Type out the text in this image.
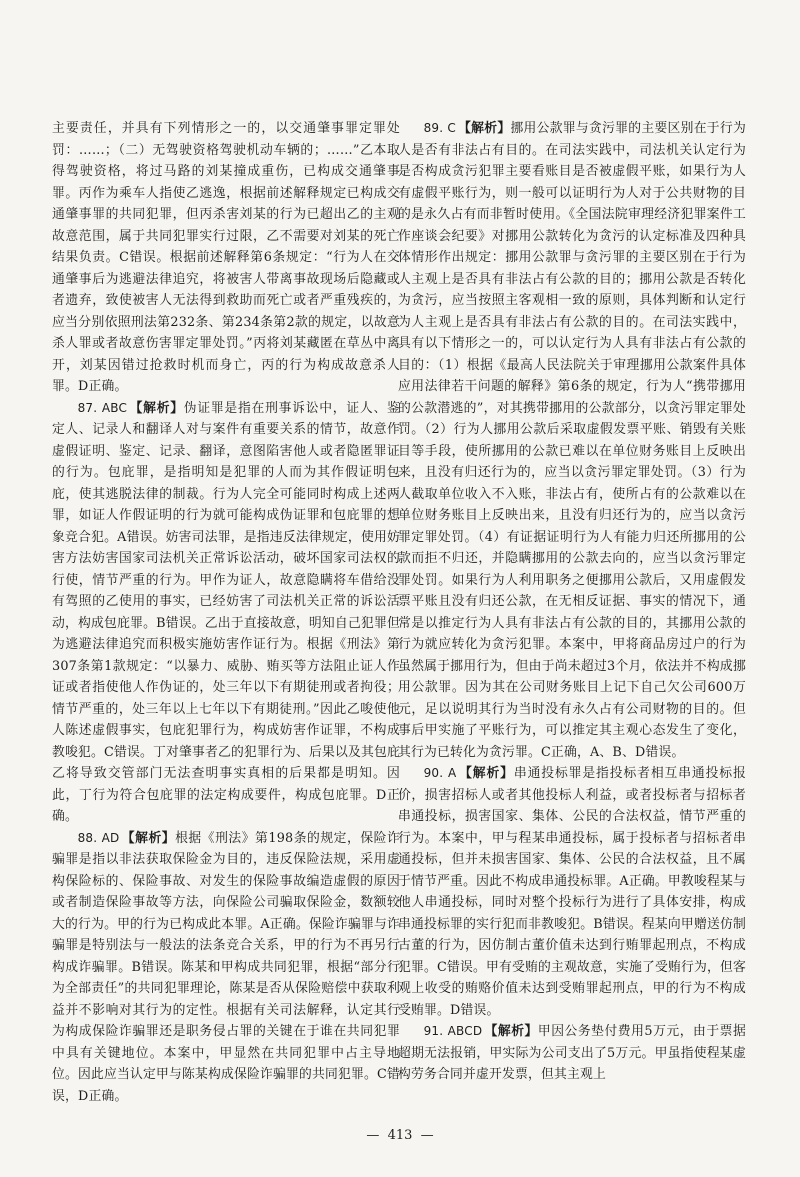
主要责任，并具有下列情形之一的，以交通肇事罪定罪处罚：……；（二）无驾驶资格驾驶机动车辆的；……”乙本取得驾驶资格，将过马路的刘某撞成重伤，已构成交通肇事罪。丙作为乘车人指使乙逃逸，根据前述解释规定已构成交通肇事罪的共同犯罪，但丙杀害刘某的行为已超出乙的主观故意范围，属于共同犯罪实行过限，乙不需要对刘某的死亡结果负责。C错误。根据前述解释第6条规定：“行为人在交通肇事后为逃避法律追究，将被害人带离事故现场后隐藏或者遗弃，致使被害人无法得到救助而死亡或者严重残疾的，应当分别依照刑法第232条、第234条第2款的规定，以故意杀人罪或者故意伤害罪定罪处罚。”丙将刘某藏匿在草丛中离开，刘某因错过抢救时机而身亡，丙的行为构成故意杀人罪。D正确。

87. ABC 【解析】伪证罪是指在刑事诉讼中，证人、鉴定人、记录人和翻译人对与案件有重要关系的情节，故意作虚假证明、鉴定、记录、翻译，意图陷害他人或者隐匿罪证的行为。包庇罪，是指明知是犯罪的人而为其作假证明包庇，使其逃脱法律的制裁。行为人完全可能同时构成上述两罪，如证人作假证明的行为就可能构成伪证罪和包庇罪的想象竞合犯。A错误。妨害司法罪，是指违反法律规定，使用妨害方法妨害国家司法机关正常诉讼活动，破坏国家司法权的行使，情节严重的行为。甲作为证人，故意隐瞒将车借给没有驾照的乙使用的事实，已经妨害了司法机关正常的诉讼活动，构成包庇罪。B错误。乙出于直接故意，明知自己犯罪但为逃避法律追究而积极实施妨害作证行为。根据《刑法》第307条第1款规定：“以暴力、威胁、贿买等方法阻止证人作证或者指使他人作伪证的，处三年以下有期徒刑或者拘役；情节严重的，处三年以上七年以下有期徒刑。”因此乙唆使他人陈述虚假事实，包庇犯罪行为，构成妨害作证罪，不构成教唆犯。C错误。丁对肇事者乙的犯罪行为、后果以及其包庇乙将导致交管部门无法查明事实真相的后果都是明知。因此，丁行为符合包庇罪的法定构成要件，构成包庇罪。D正确。

88. AD 【解析】根据《刑法》第198条的规定，保险诈骗罪是指以非法获取保险金为目的，违反保险法规，采用虚构保险标的、保险事故、对发生的保险事故编造虚假的原因或者制造保险事故等方法，向保险公司骗取保险金，数额较大的行为。甲的行为已构成此本罪。A正确。保险诈骗罪与诈骗罪是特别法与一般法的法条竞合关系，甲的行为不再另行构成诈骗罪。B错误。陈某和甲构成共同犯罪，根据“部分行为全部责任”的共同犯罪理论，陈某是否从保险赔偿中获取利益并不影响对其行为的定性。根据有关司法解释，认定其行为构成保险诈骗罪还是职务侵占罪的关键在于谁在共同犯罪中具有关键地位。本案中，甲显然在共同犯罪中占主导地位。因此应当认定甲与陈某构成保险诈骗罪的共同犯罪。C错误，D正确。

89. C 【解析】挪用公款罪与贪污罪的主要区别在于行为人是否有非法占有目的。在司法实践中，司法机关认定行为是否构成贪污犯罪主要看账目是否被虚假平账，如果行为人有虚假平账行为，则一般可以证明行为人对于公共财物的目的是永久占有而非暂时使用。《全国法院审理经济犯罪案件工作座谈会纪要》对挪用公款转化为贪污的认定标准及四种具体情形作出规定：挪用公款罪与贪污罪的主要区别在于行为人主观上是否具有非法占有公款的目的；挪用公款是否转化为贪污，应当按照主客观相一致的原则，具体判断和认定行为人主观上是否具有非法占有公款的目的。在司法实践中，具有以下情形之一的，可以认定行为人具有非法占有公款的目的：（1）根据《最高人民法院关于审理挪用公款案件具体应用法律若干问题的解释》第6条的规定，行为人“携带挪用的公款潜逃的”，对其携带挪用的公款部分，以贪污罪定罪处罚。（2）行为人挪用公款后采取虚假发票平账、销毁有关账目等手段，使所挪用的公款已难以在单位财务账目上反映出来，且没有归还行为的，应当以贪污罪定罪处罚。（3）行为人截取单位收入不入账，非法占有，使所占有的公款难以在单位财务账目上反映出来，且没有归还行为的，应当以贪污罪定罪处罚。（4）有证据证明行为人有能力归还所挪用的公款而拒不归还，并隐瞒挪用的公款去向的，应当以贪污罪定罪处罚。如果行为人利用职务之便挪用公款后，又用虚假发票平账且没有归还公款，在无相反证据、事实的情况下，通常是以推定行为人具有非法占有公款的目的，其挪用公款的行为就应转化为贪污犯罪。本案中，甲将商品房过户的行为虽然属于挪用行为，但由于尚未超过3个月，依法并不构成挪用公款罪。因为其在公司财务账目上记下自己欠公司600万元，足以说明其行为当时没有永久占有公司财物的目的。但事后甲实施了平账行为，可以推定其主观心态发生了变化，其行为已转化为贪污罪。C正确，A、B、D错误。

90. A 【解析】串通投标罪是指投标者相互串通投标报价，损害招标人或者其他投标人利益，或者投标者与招标者串通投标，损害国家、集体、公民的合法权益，情节严重的行为。本案中，甲与程某串通投标，属于投标者与招标者串通投标，但并未损害国家、集体、公民的合法权益，且不属于情节严重。因此不构成串通投标罪。A正确。甲教唆程某与他人串通投标，同时对整个投标行为进行了具体安排，构成串通投标罪的实行犯而非教唆犯。B错误。程某向甲赠送仿制古董的行为，因仿制古董价值未达到行贿罪起刑点，不构成犯罪。C错误。甲有受贿的主观故意，实施了受贿行为，但客观上收受的贿赂价值未达到受贿罪起刑点，甲的行为不构成受贿罪。D错误。

91. ABCD 【解析】甲因公务垫付费用5万元，由于票据超期无法报销，甲实际为公司支出了5万元。甲虽指使程某虚构劳务合同并虚开发票，但其主观上

— 413 —
